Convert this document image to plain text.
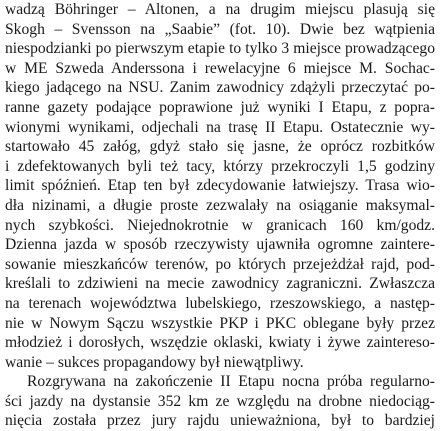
wadzą Böhringer – Altonen, a na drugim miejscu plasują się
Skogh – Svensson na „Saabie” (fot. 10). Dwie bez wątpienia
niespodzianki po pierwszym etapie to tylko 3 miejsce prowadzącego
w ME Szweda Anderssona i rewelacyjne 6 miejsce M. Sochac-
kiego jadącego na NSU. Zanim zawodnicy zdążyli przeczytać po-
ranne gazety podające poprawione już wyniki I Etapu, z popra-
wionymi wynikami, odjechali na trasę II Etapu. Ostatecznie wy-
startowało 45 załóg, gdyż stało się jasne, że oprócz rozbitków
i zdefektowanych byli też tacy, którzy przekroczyli 1,5 godziny
limit spóźnień. Etap ten był zdecydowanie łatwiejszy. Trasa wio-
dła nizinami, a długie proste zezwalały na osiąganie maksymal-
nych szybkości. Niejednokrotnie w granicach 160 km/godz.
Dzienna jazda w sposób rzeczywisty ujawniła ogromne zaintere-
sowanie mieszkańców terenów, po których przejeżdżał rajd, pod-
kreślali to zdziwieni na mecie zawodnicy zagraniczni. Zwłaszcza
na terenach województwa lubelskiego, rzeszowskiego, a następ-
nie w Nowym Sączu wszystkie PKP i PKC oblegane były przez
młodzież i dorosłych, wszędzie oklaski, kwiaty i żywe zaintereso-
wanie – sukces propagandowy był niewątpliwy.
Rozgrywana na zakończenie II Etapu nocna próba regularno-
ści jazdy na dystansie 352 km ze względu na drobne niedociąg-
nięcia została przez jury rajdu unieważniona, był to bardziej
